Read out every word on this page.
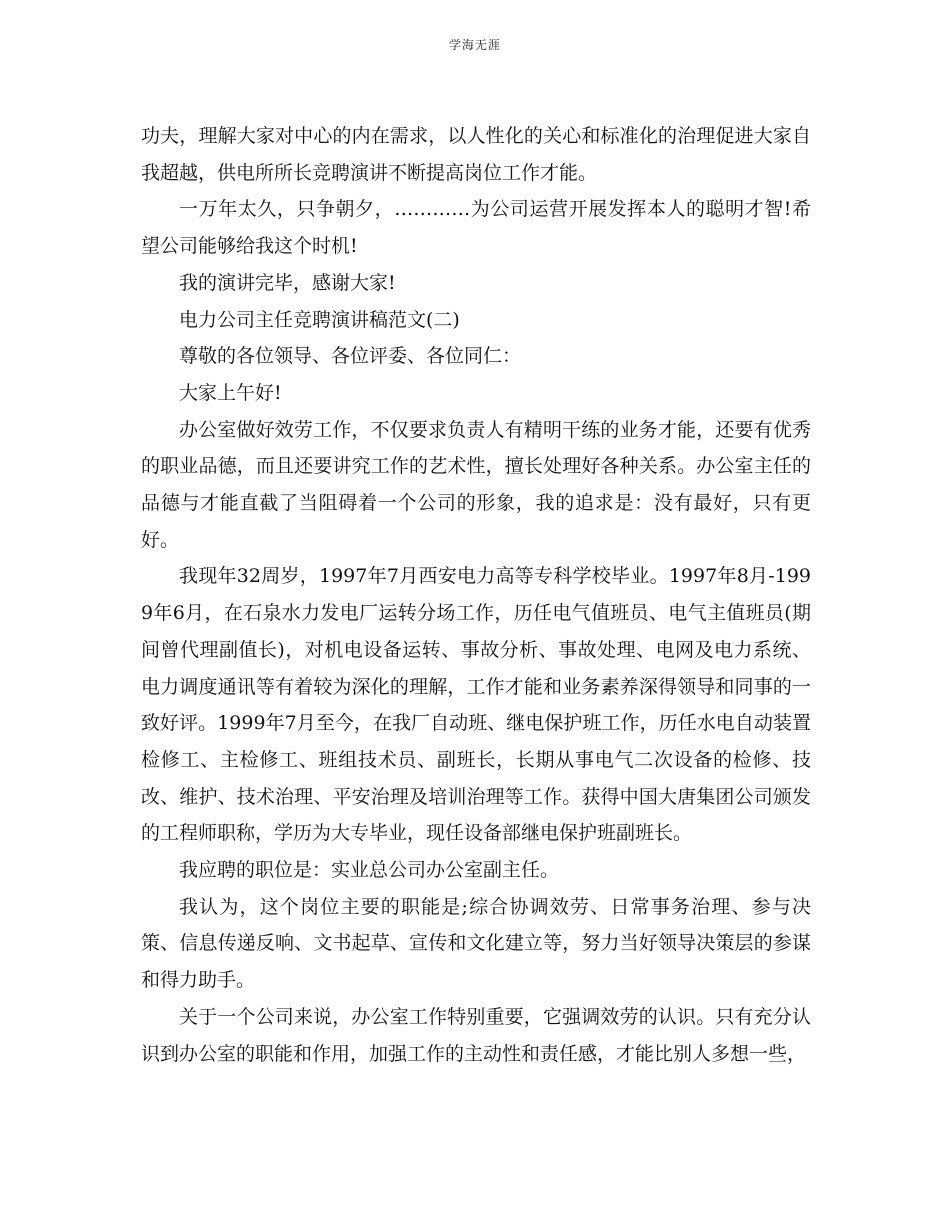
学海无涯

功夫，理解大家对中心的内在需求，以人性化的关心和标准化的治理促进大家自我超越，供电所所长竞聘演讲不断提高岗位工作才能。

一万年太久，只争朝夕，…………为公司运营开展发挥本人的聪明才智!希望公司能够给我这个时机!

我的演讲完毕，感谢大家!

电力公司主任竞聘演讲稿范文(二)

尊敬的各位领导、各位评委、各位同仁：

大家上午好!

办公室做好效劳工作，不仅要求负责人有精明干练的业务才能，还要有优秀的职业品德，而且还要讲究工作的艺术性，擅长处理好各种关系。办公室主任的品德与才能直截了当阻碍着一个公司的形象，我的追求是：没有最好，只有更好。

我现年32周岁，1997年7月西安电力高等专科学校毕业。1997年8月-1999年6月，在石泉水力发电厂运转分场工作，历任电气值班员、电气主值班员(期间曾代理副值长)，对机电设备运转、事故分析、事故处理、电网及电力系统、电力调度通讯等有着较为深化的理解，工作才能和业务素养深得领导和同事的一致好评。1999年7月至今，在我厂自动班、继电保护班工作，历任水电自动装置检修工、主检修工、班组技术员、副班长，长期从事电气二次设备的检修、技改、维护、技术治理、平安治理及培训治理等工作。获得中国大唐集团公司颁发的工程师职称，学历为大专毕业，现任设备部继电保护班副班长。

我应聘的职位是：实业总公司办公室副主任。

我认为，这个岗位主要的职能是;综合协调效劳、日常事务治理、参与决策、信息传递反响、文书起草、宣传和文化建立等，努力当好领导决策层的参谋和得力助手。

关于一个公司来说，办公室工作特别重要，它强调效劳的认识。只有充分认识到办公室的职能和作用，加强工作的主动性和责任感，才能比别人多想一些，
